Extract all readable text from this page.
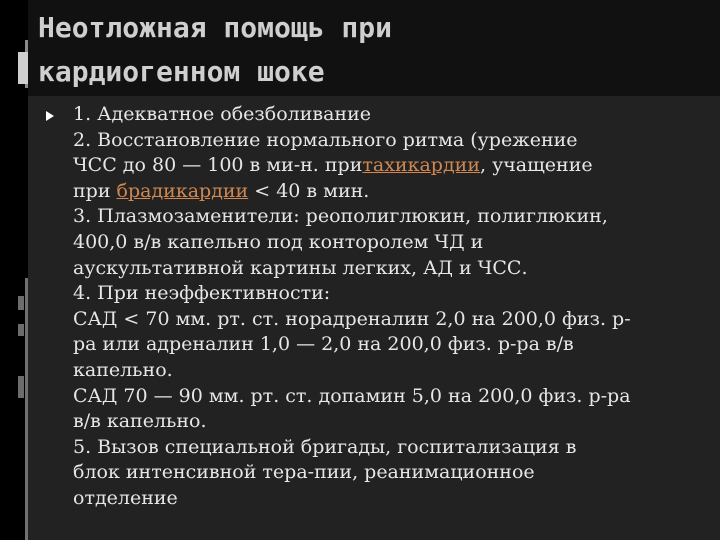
Неотложная помощь при
кардиогенном шоке
1. Адекватное обезболивание
2. Восстановление нормального ритма (урежение
ЧСС до 80 — 100 в ми-н. притахикардии, учащение
при брадикардии < 40 в мин.
3. Плазмозаменители: реополиглюкин, полиглюкин,
400,0 в/в капельно под конторолем ЧД и
аускультативной картины легких, АД и ЧСС.
4. При неэффективности:
САД < 70 мм. рт. ст. норадреналин 2,0 на 200,0 физ. р-
ра или адреналин 1,0 — 2,0 на 200,0 физ. р-ра в/в
капельно.
САД 70 — 90 мм. рт. ст. допамин 5,0 на 200,0 физ. р-ра
в/в капельно.
5. Вызов специальной бригады, госпитализация в
блок интенсивной тера-пии, реанимационное
отделение
